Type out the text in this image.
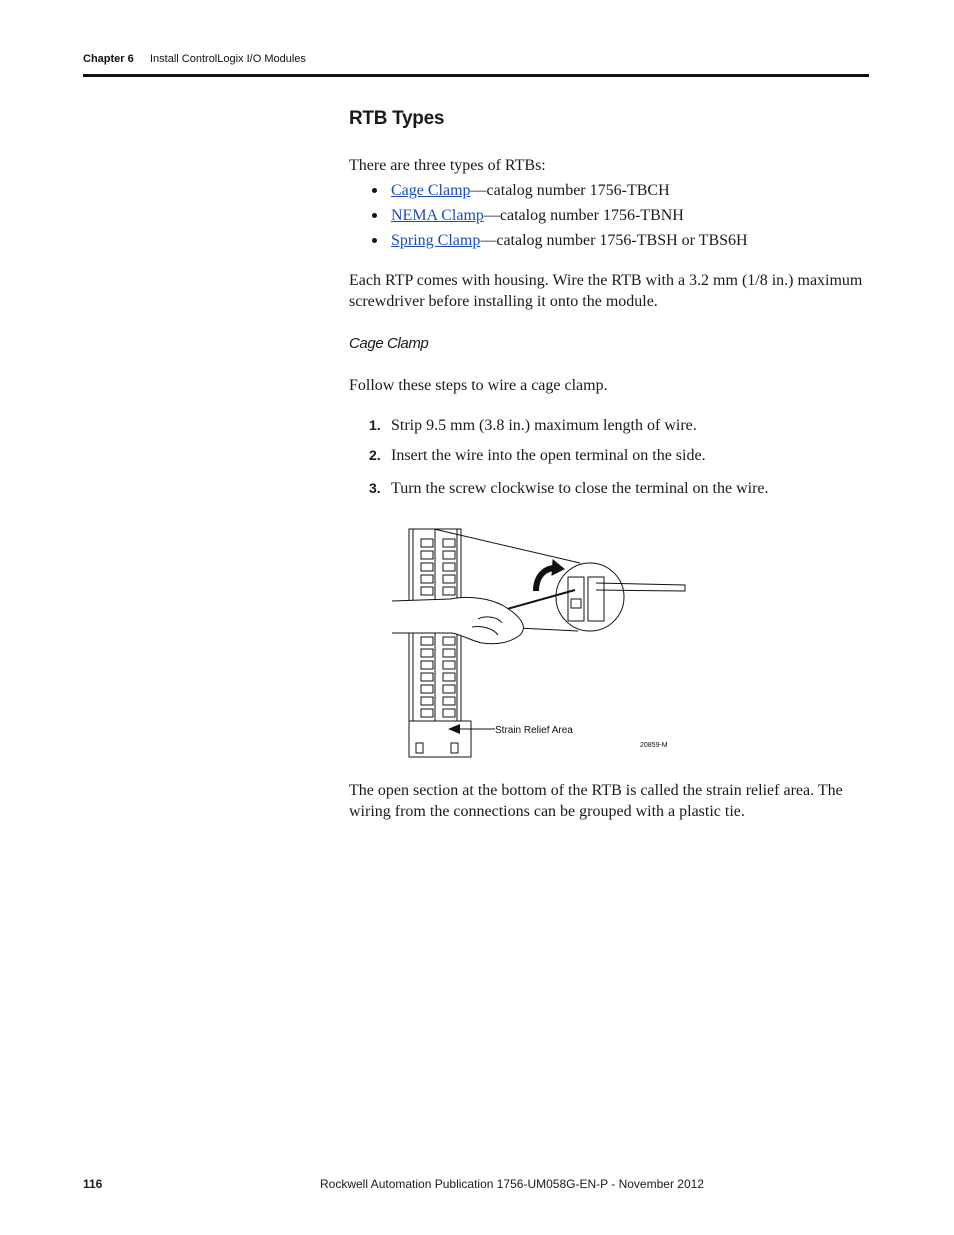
Chapter 6 Install ControlLogix I/O Modules
RTB Types
There are three types of RTBs:
Cage Clamp—catalog number 1756-TBCH
NEMA Clamp—catalog number 1756-TBNH
Spring Clamp—catalog number 1756-TBSH or TBS6H
Each RTP comes with housing. Wire the RTB with a 3.2 mm (1/8 in.) maximum screwdriver before installing it onto the module.
Cage Clamp
Follow these steps to wire a cage clamp.
1. Strip 9.5 mm (3.8 in.) maximum length of wire.
2. Insert the wire into the open terminal on the side.
3. Turn the screw clockwise to close the terminal on the wire.
The open section at the bottom of the RTB is called the strain relief area. The wiring from the connections can be grouped with a plastic tie.
Strain Relief Area
20859-M
116	Rockwell Automation Publication 1756-UM058G-EN-P - November 2012
